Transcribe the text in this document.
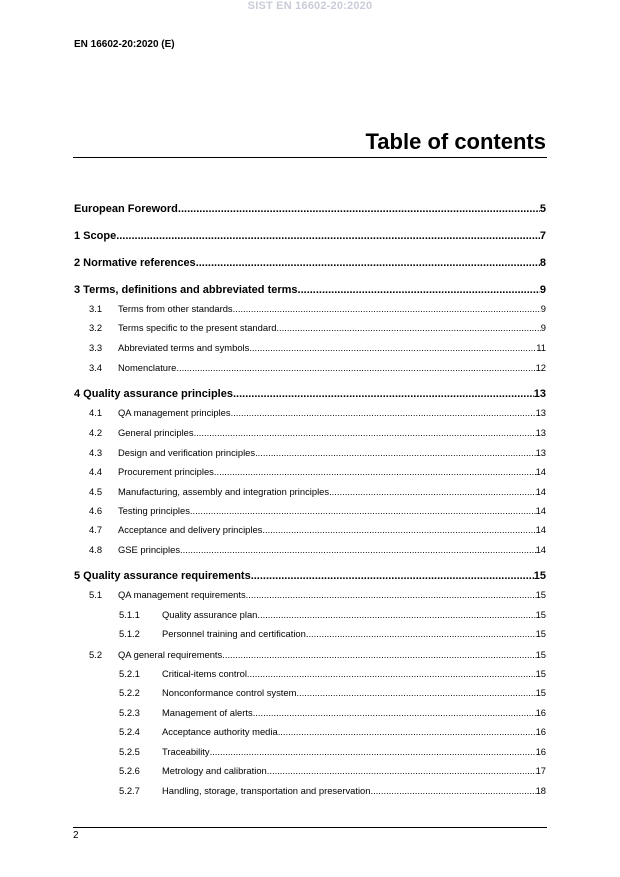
SIST EN 16602-20:2020
EN 16602-20:2020 (E)
Table of contents
European Foreword .....	5
1 Scope .....	7
2 Normative references .....	8
3 Terms, definitions and abbreviated terms .....	9
3.1	Terms from other standards .....	9
3.2	Terms specific to the present standard .....	9
3.3	Abbreviated terms and symbols .....	11
3.4	Nomenclature .....	12
4 Quality assurance principles .....	13
4.1	QA management principles .....	13
4.2	General principles .....	13
4.3	Design and verification principles .....	13
4.4	Procurement principles .....	14
4.5	Manufacturing, assembly and integration principles .....	14
4.6	Testing principles .....	14
4.7	Acceptance and delivery principles .....	14
4.8	GSE principles .....	14
5 Quality assurance requirements .....	15
5.1	QA management requirements .....	15
5.1.1	Quality assurance plan .....	15
5.1.2	Personnel training and certification .....	15
5.2	QA general requirements .....	15
5.2.1	Critical-items control .....	15
5.2.2	Nonconformance control system .....	15
5.2.3	Management of alerts .....	16
5.2.4	Acceptance authority media .....	16
5.2.5	Traceability .....	16
5.2.6	Metrology and calibration .....	17
5.2.7	Handling, storage, transportation and preservation .....	18
2
